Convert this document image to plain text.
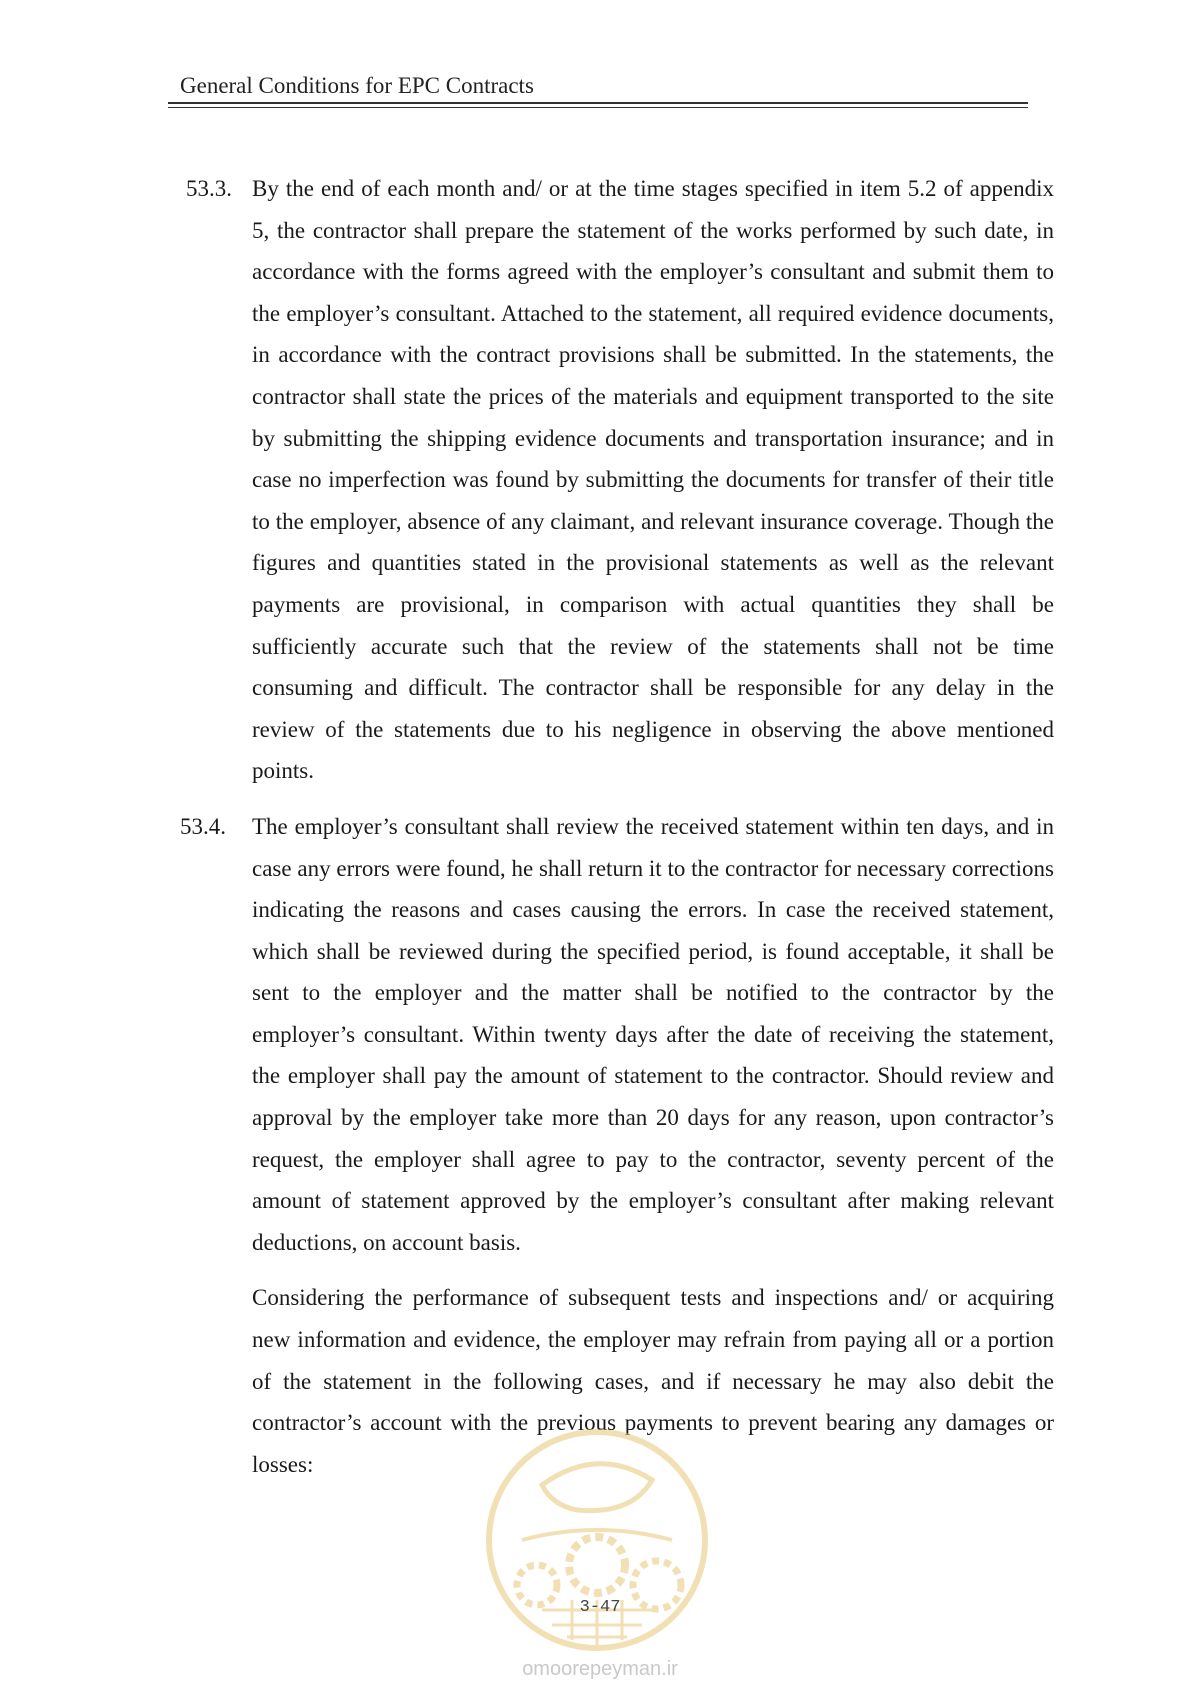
General Conditions for EPC Contracts
53.3. By the end of each month and/ or at the time stages specified in item 5.2 of appendix 5, the contractor shall prepare the statement of the works performed by such date, in accordance with the forms agreed with the employer’s consultant and submit them to the employer’s consultant. Attached to the statement, all required evidence documents, in accordance with the contract provisions shall be submitted. In the statements, the contractor shall state the prices of the materials and equipment transported to the site by submitting the shipping evidence documents and transportation insurance; and in case no imperfection was found by submitting the documents for transfer of their title to the employer, absence of any claimant, and relevant insurance coverage. Though the figures and quantities stated in the provisional statements as well as the relevant payments are provisional, in comparison with actual quantities they shall be sufficiently accurate such that the review of the statements shall not be time consuming and difficult. The contractor shall be responsible for any delay in the review of the statements due to his negligence in observing the above mentioned points.

53.4.	The employer’s consultant shall review the received statement within ten days, and in case any errors were found, he shall return it to the contractor for necessary corrections indicating the reasons and cases causing the errors. In case the received statement, which shall be reviewed during the specified period, is found acceptable, it shall be sent to the employer and the matter shall be notified to the contractor by the employer’s consultant. Within twenty days after the date of receiving the statement, the employer shall pay the amount of statement to the contractor. Should review and approval by the employer take more than 20 days for any reason, upon contractor’s request, the employer shall agree to pay to the contractor, seventy percent of the amount of statement approved by the employer’s consultant after making relevant deductions, on account basis.

Considering the performance of subsequent tests and inspections and/ or acquiring new information and evidence, the employer may refrain from paying all or a portion of the statement in the following cases, and if necessary he may also debit the contractor’s account with the previous payments to prevent bearing any damages or losses:

3-47
omoorepeyman.ir
